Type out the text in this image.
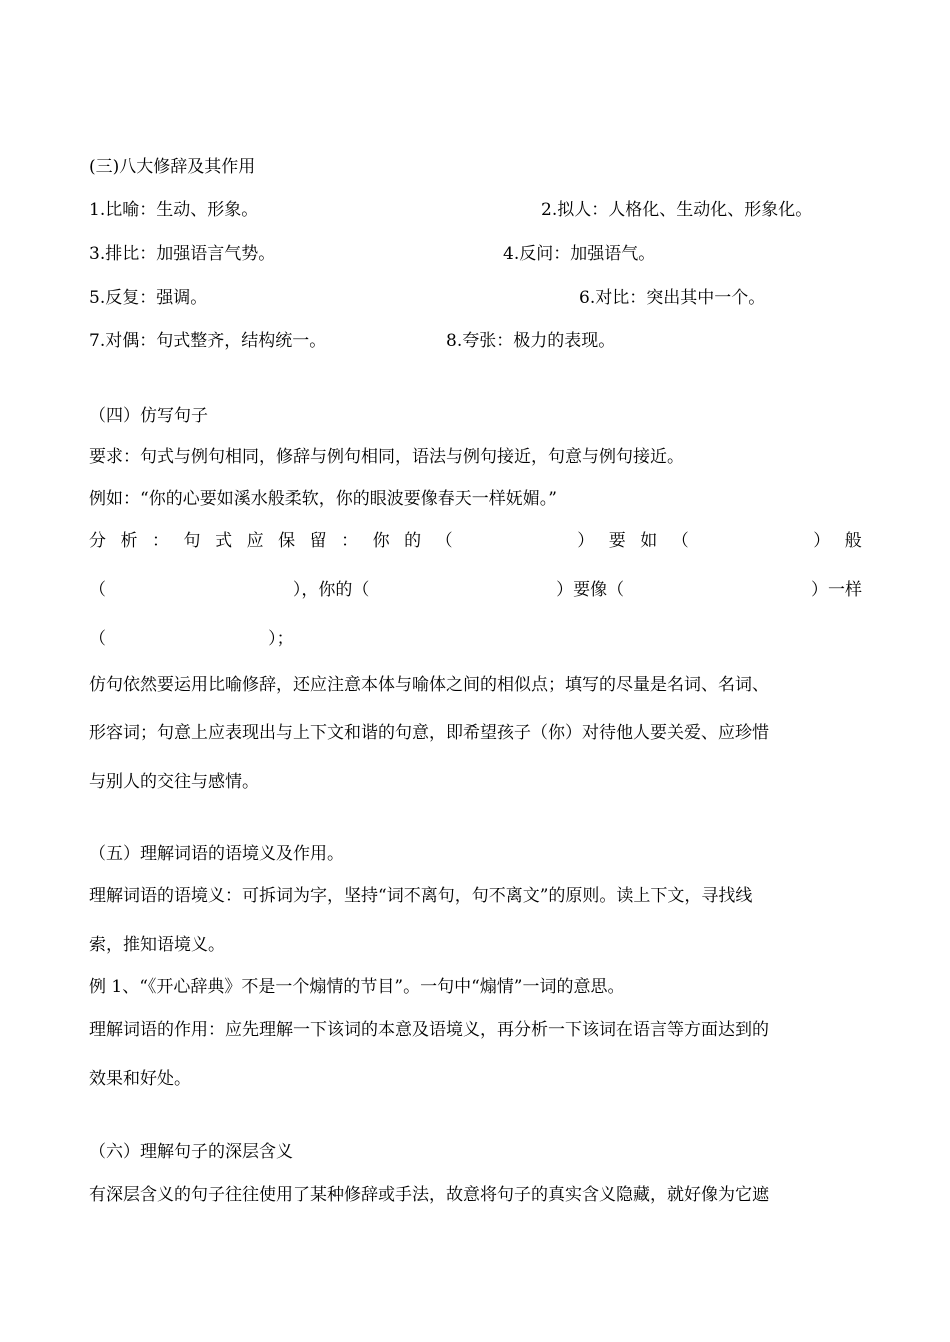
(三)八大修辞及其作用
1.比喻：生动、形象。	2.拟人：人格化、生动化、形象化。
3.排比：加强语言气势。	4.反问：加强语气。
5.反复：强调。	6.对比：突出其中一个。
7.对偶：句式整齐，结构统一。	8.夸张：极力的表现。
（四）仿写句子
要求：句式与例句相同，修辞与例句相同，语法与例句接近，句意与例句接近。
例如：“你的心要如溪水般柔软，你的眼波要像春天一样妩媚。”
分 析 ： 句 式 应 保 留 ： 你 的 （	） 要 如 （	） 般
（	），你的（	）要像（	）一样
（                              ）；
仿句依然要运用比喻修辞，还应注意本体与喻体之间的相似点；填写的尽量是名词、名词、
形容词；句意上应表现出与上下文和谐的句意，即希望孩子（你）对待他人要关爱、应珍惜
与别人的交往与感情。
（五）理解词语的语境义及作用。
理解词语的语境义：可拆词为字，坚持“词不离句，句不离文”的原则。读上下文，寻找线
索，推知语境义。
例 1、“《开心辞典》不是一个煽情的节目”。一句中“煽情”一词的意思。
理解词语的作用：应先理解一下该词的本意及语境义，再分析一下该词在语言等方面达到的
效果和好处。
（六）理解句子的深层含义
有深层含义的句子往往使用了某种修辞或手法，故意将句子的真实含义隐藏，就好像为它遮
